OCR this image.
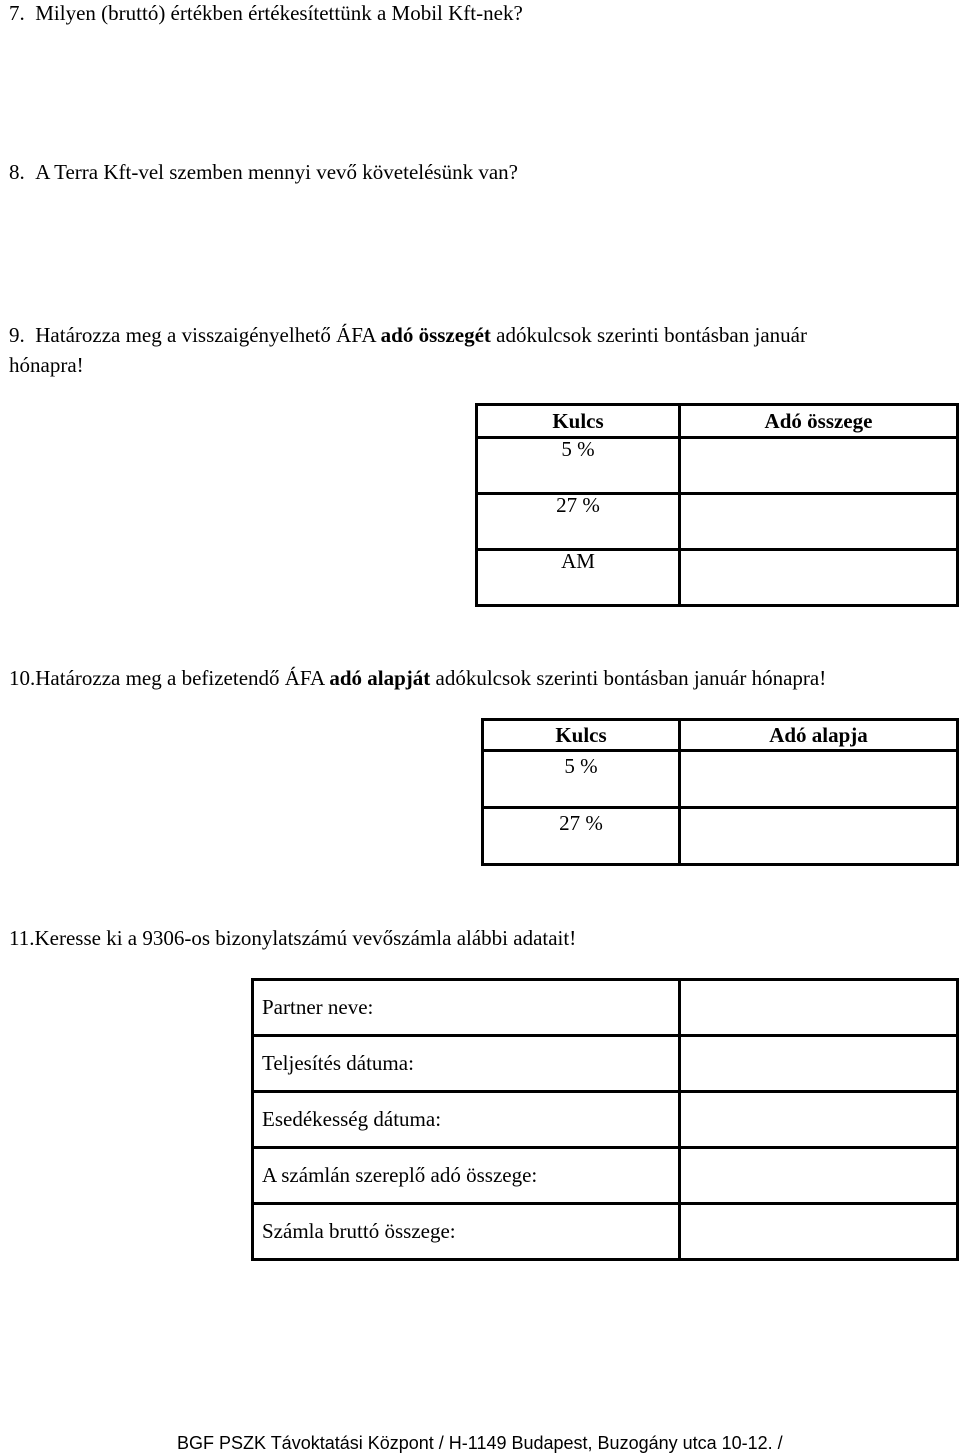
7. Milyen (bruttó) értékben értékesítettünk a Mobil Kft-nek?

8. A Terra Kft-vel szemben mennyi vevő követelésünk van?

9. Határozza meg a visszaigényelhető ÁFA adó összegét adókulcsok szerinti bontásban január
hónapra!

Kulcs	Adó összege

5 %	

27 %	

AM	

10.Határozza meg a befizetendő ÁFA adó alapját adókulcsok szerinti bontásban január hónapra!

Kulcs	Adó alapja

5 %	

27 %	

11.Keresse ki a 9306-os bizonylatszámú vevőszámla alábbi adatait!

Partner neve:	
Teljesítés dátuma:	
Esedékesség dátuma:	
A számlán szereplő adó összege:	
Számla bruttó összege:	
BGF PSZK Távoktatási Központ / H-1149 Budapest, Buzogány utca 10-12. /
